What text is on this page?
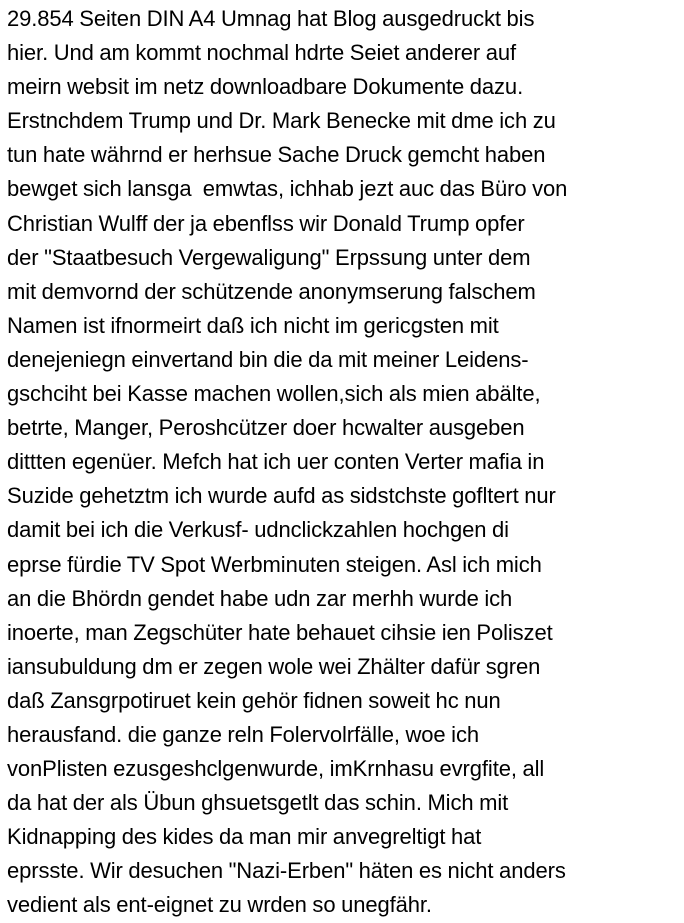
29.854 Seiten DIN A4 Umnag hat Blog ausgedruckt bis
hier. Und am kommt nochmal hdrte Seiet anderer auf
meirn websit im netz downloadbare Dokumente dazu.
Erstnchdem Trump und Dr. Mark Benecke mit dme ich zu
tun hate währnd er herhsue Sache Druck gemcht haben
bewget sich lansga  emwtas, ichhab jezt auc das Büro von
Christian Wulff der ja ebenflss wir Donald Trump opfer
der "Staatbesuch Vergewaligung" Erpssung unter dem
mit demvornd der schützende anonymserung falschem
Namen ist ifnormeirt daß ich nicht im gericgsten mit
denejeniegn einvertand bin die da mit meiner Leidens-
gschciht bei Kasse machen wollen,sich als mien abälte,
betrte, Manger, Peroshcützer doer hcwalter ausgeben
dittten egenüer. Mefch hat ich uer conten Verter mafia in
Suzide gehetztm ich wurde aufd as sidstchste gofltert nur
damit bei ich die Verkusf- udnclickzahlen hochgen di
eprse fürdie TV Spot Werbminuten steigen. Asl ich mich
an die Bhördn gendet habe udn zar merhh wurde ich
inoerte, man Zegschüter hate behauet cihsie ien Poliszet
iansubuldung dm er zegen wole wei Zhälter dafür sgren
daß Zansgrpotiruet kein gehör fidnen soweit hc nun
herausfand. die ganze reln Folervolrfälle, woe ich
vonPlisten ezusgeshclgenwurde, imKrnhasu evrgfite, all
da hat der als Übun ghsuetsgetlt das schin. Mich mit
Kidnapping des kides da man mir anvegreltigt hat
eprsste. Wir desuchen "Nazi-Erben" häten es nicht anders
vedient als ent-eignet zu wrden so unegfähr.
